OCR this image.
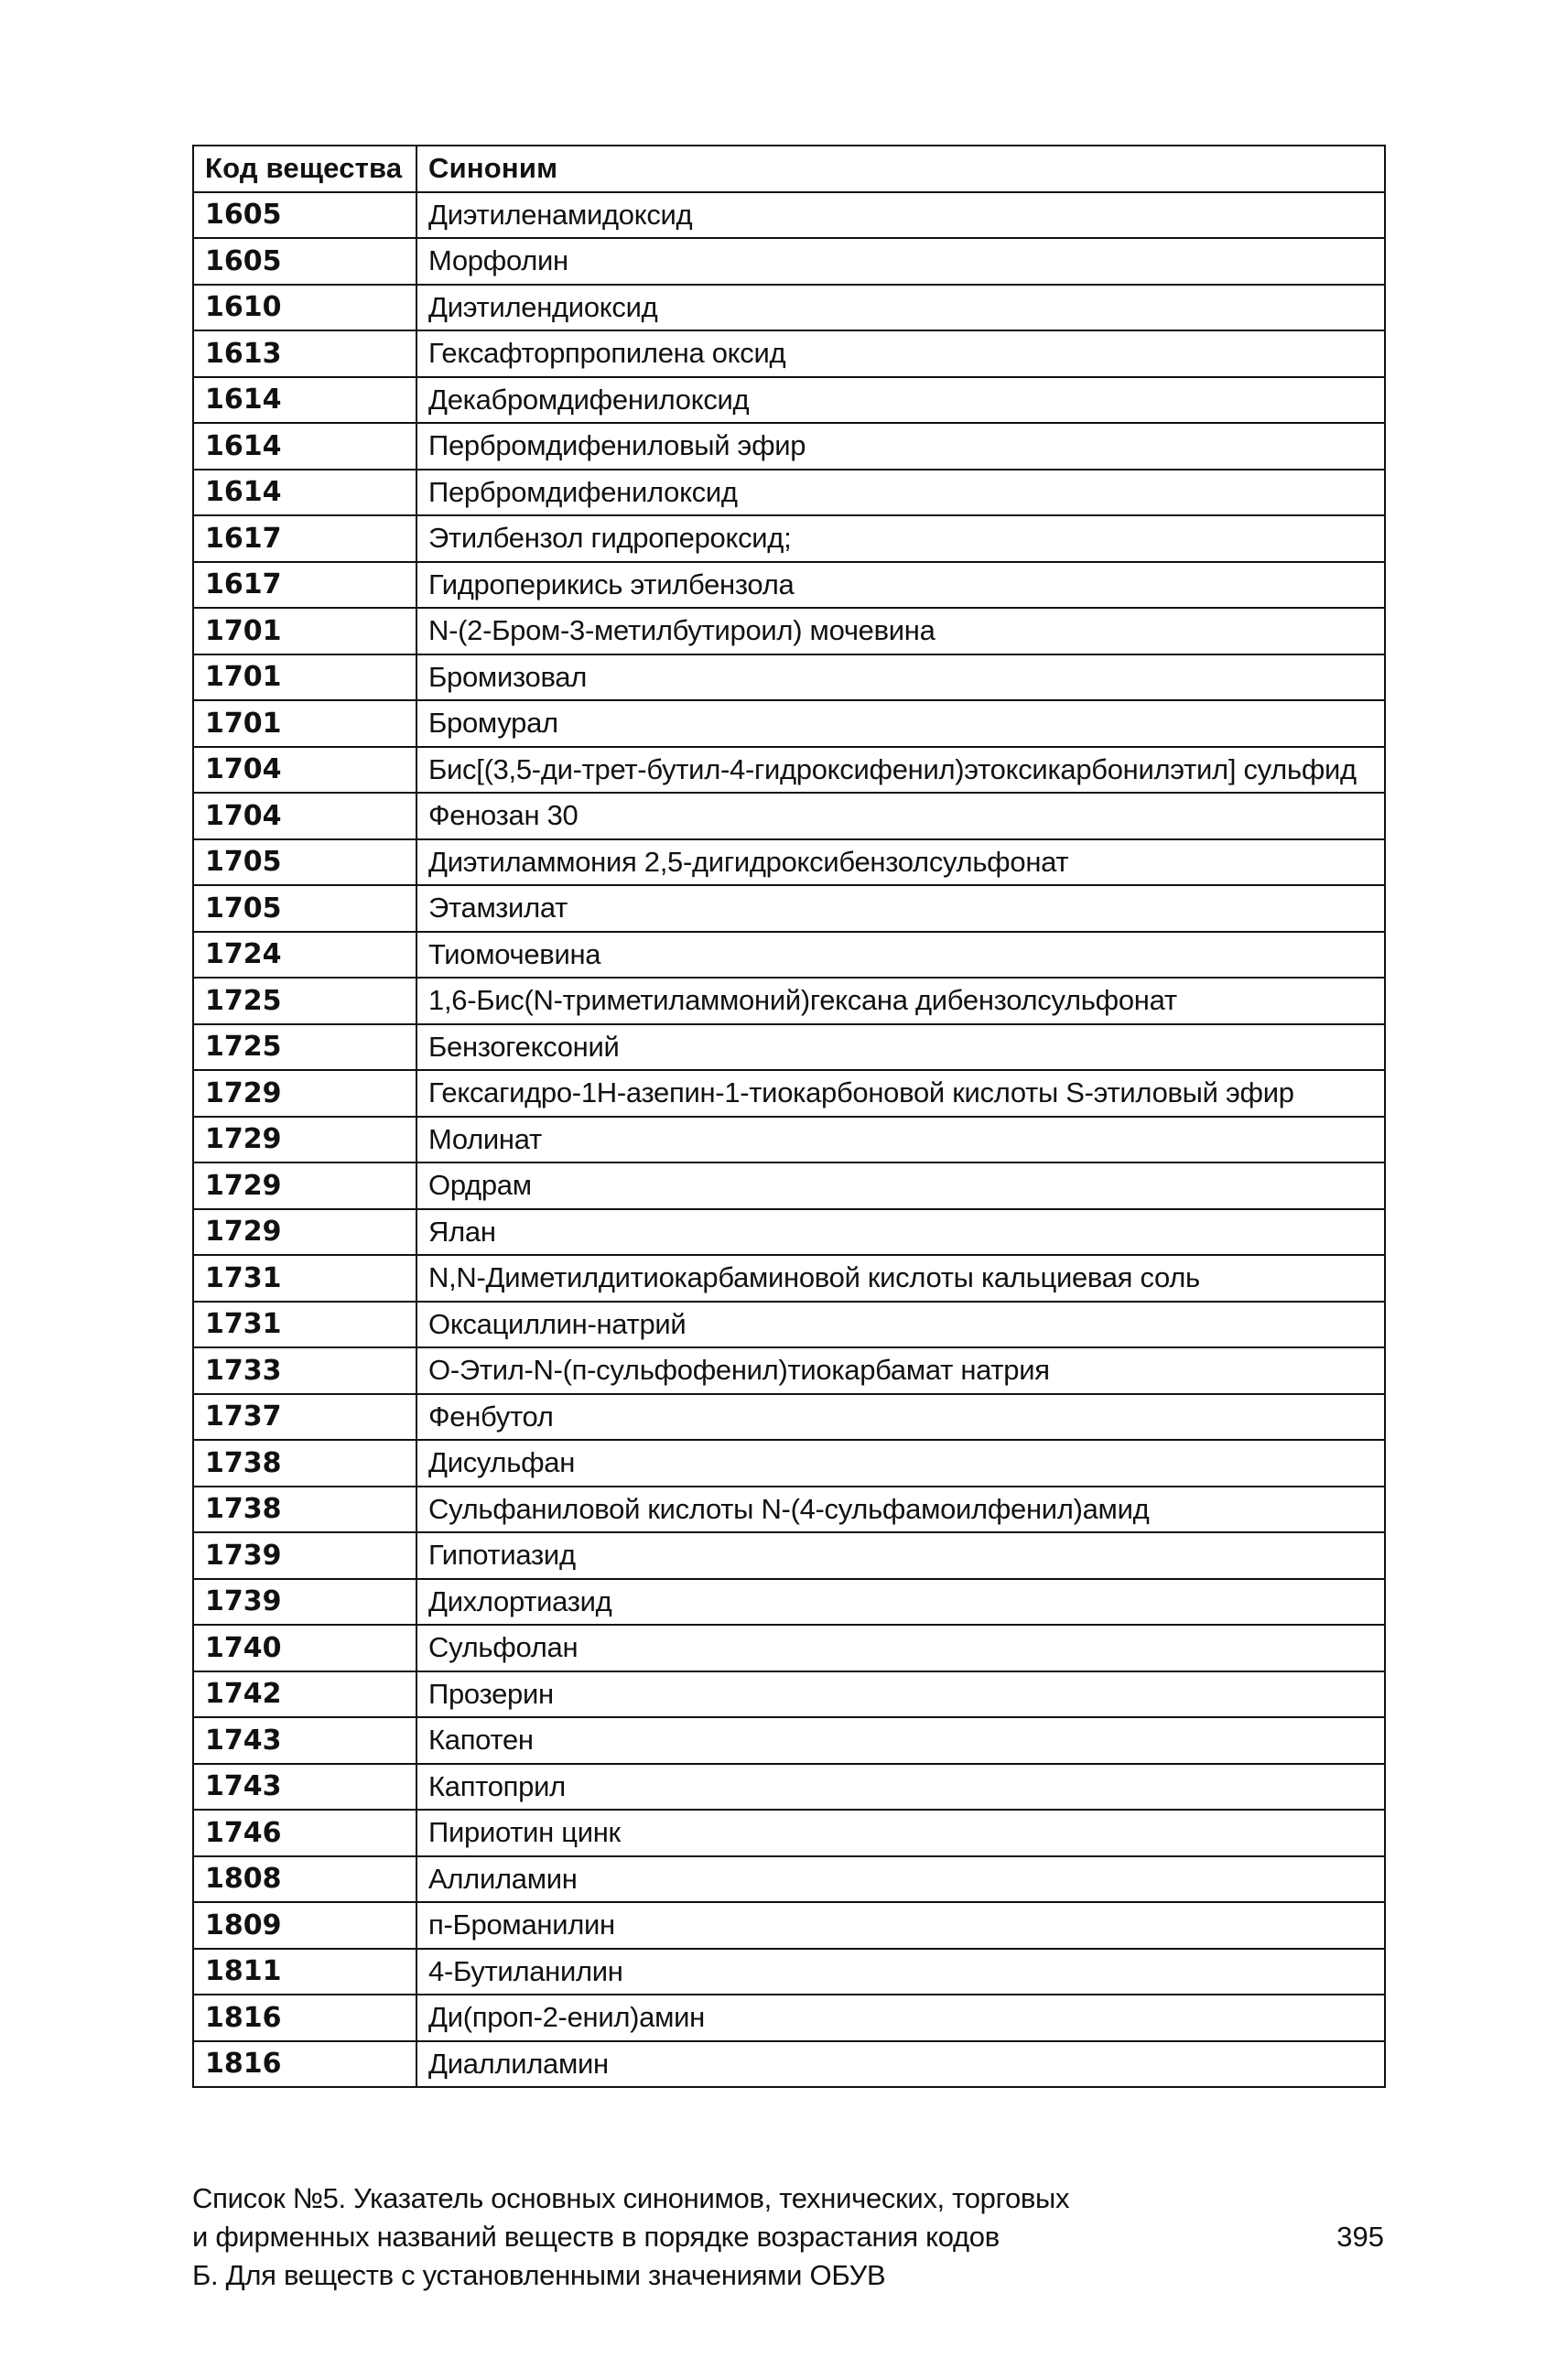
Код вещества	Синоним
1605	Диэтиленамидоксид
1605	Морфолин
1610	Диэтилендиоксид
1613	Гексафторпропилена оксид
1614	Декабромдифенилоксид
1614	Пербромдифениловый эфир
1614	Пербромдифенилоксид
1617	Этилбензол гидропероксид;
1617	Гидроперикись этилбензола
1701	N-(2-Бром-3-метилбутироил) мочевина
1701	Бромизовал
1701	Бромурал
1704	Бис[(3,5-ди-трет-бутил-4-гидроксифенил)этоксикарбонилэтил] сульфид
1704	Фенозан 30
1705	Диэтиламмония 2,5-дигидроксибензолсульфонат
1705	Этамзилат
1724	Тиомочевина
1725	1,6-Бис(N-триметиламмоний)гексана дибензолсульфонат
1725	Бензогексоний
1729	Гексагидро-1Н-азепин-1-тиокарбоновой кислоты S-этиловый эфир
1729	Молинат
1729	Ордрам
1729	Ялан
1731	N,N-Диметилдитиокарбаминовой кислоты кальциевая соль
1731	Оксациллин-натрий
1733	О-Этил-N-(п-сульфофенил)тиокарбамат натрия
1737	Фенбутол
1738	Дисульфан
1738	Сульфаниловой кислоты N-(4-сульфамоилфенил)амид
1739	Гипотиазид
1739	Дихлортиазид
1740	Сульфолан
1742	Прозерин
1743	Капотен
1743	Каптоприл
1746	Пириотин цинк
1808	Аллиламин
1809	п-Броманилин
1811	4-Бутиланилин
1816	Ди(проп-2-енил)амин
1816	Диаллиламин
Список №5. Указатель основных синонимов, технических, торговых
и фирменных названий веществ в порядке возрастания кодов
Б. Для веществ с установленными значениями ОБУВ
395
